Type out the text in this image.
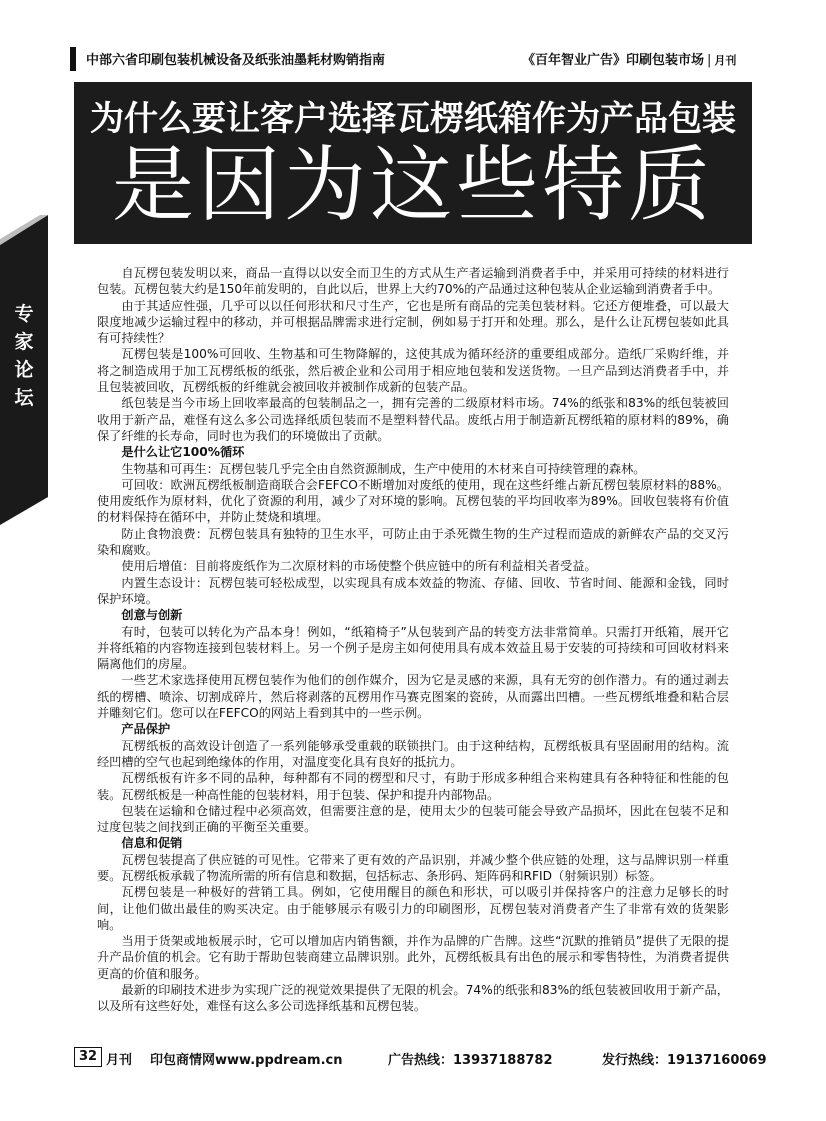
中部六省印刷包装机械设备及纸张油墨耗材购销指南	《百年智业广告》印刷包装市场 | 月刊
为什么要让客户选择瓦楞纸箱作为产品包装
是因为这些特质
专
家
论
坛

自瓦楞包装发明以来，商品一直得以以安全而卫生的方式从生产者运输到消费者手中，并采用可持续的材料进行包装。瓦楞包装大约是150年前发明的，自此以后，世界上大约70%的产品通过这种包装从企业运输到消费者手中。

由于其适应性强，几乎可以以任何形状和尺寸生产，它也是所有商品的完美包装材料。它还方便堆叠，可以最大限度地减少运输过程中的移动，并可根据品牌需求进行定制，例如易于打开和处理。那么，是什么让瓦楞包装如此具有可持续性？

瓦楞包装是100%可回收、生物基和可生物降解的，这使其成为循环经济的重要组成部分。造纸厂采购纤维，并将之制造成用于加工瓦楞纸板的纸张，然后被企业和公司用于相应地包装和发送货物。一旦产品到达消费者手中，并且包装被回收，瓦楞纸板的纤维就会被回收并被制作成新的包装产品。

纸包装是当今市场上回收率最高的包装制品之一，拥有完善的二级原材料市场。74%的纸张和83%的纸包装被回收用于新产品，难怪有这么多公司选择纸质包装而不是塑料替代品。废纸占用于制造新瓦楞纸箱的原材料的89%，确保了纤维的长寿命，同时也为我们的环境做出了贡献。

是什么让它100%循环

生物基和可再生：瓦楞包装几乎完全由自然资源制成，生产中使用的木材来自可持续管理的森林。

可回收：欧洲瓦楞纸板制造商联合会FEFCO不断增加对废纸的使用，现在这些纤维占新瓦楞包装原材料的88%。使用废纸作为原材料，优化了资源的利用，减少了对环境的影响。瓦楞包装的平均回收率为89%。回收包装将有价值的材料保持在循环中，并防止焚烧和填埋。

防止食物浪费：瓦楞包装具有独特的卫生水平，可防止由于杀死微生物的生产过程而造成的新鲜农产品的交叉污染和腐败。

使用后增值：目前将废纸作为二次原材料的市场使整个供应链中的所有利益相关者受益。

内置生态设计：瓦楞包装可轻松成型，以实现具有成本效益的物流、存储、回收、节省时间、能源和金钱，同时保护环境。

创意与创新

有时，包装可以转化为产品本身！例如，“纸箱椅子”从包装到产品的转变方法非常简单。只需打开纸箱，展开它并将纸箱的内容物连接到包装材料上。另一个例子是房主如何使用具有成本效益且易于安装的可持续和可回收材料来隔离他们的房屋。

一些艺术家选择使用瓦楞包装作为他们的创作媒介，因为它是灵感的来源，具有无穷的创作潜力。有的通过剥去纸的楞槽、喷涂、切割成碎片，然后将剥落的瓦楞用作马赛克图案的瓷砖，从而露出凹槽。一些瓦楞纸堆叠和粘合层并雕刻它们。您可以在FEFCO的网站上看到其中的一些示例。

产品保护

瓦楞纸板的高效设计创造了一系列能够承受重载的联锁拱门。由于这种结构，瓦楞纸板具有坚固耐用的结构。流经凹槽的空气也起到绝缘体的作用，对温度变化具有良好的抵抗力。

瓦楞纸板有许多不同的品种，每种都有不同的楞型和尺寸，有助于形成多种组合来构建具有各种特征和性能的包装。瓦楞纸板是一种高性能的包装材料，用于包装、保护和提升内部物品。

包装在运输和仓储过程中必须高效，但需要注意的是，使用太少的包装可能会导致产品损坏，因此在包装不足和过度包装之间找到正确的平衡至关重要。

信息和促销

瓦楞包装提高了供应链的可见性。它带来了更有效的产品识别，并减少整个供应链的处理，这与品牌识别一样重要。瓦楞纸板承载了物流所需的所有信息和数据，包括标志、条形码、矩阵码和RFID（射频识别）标签。

瓦楞包装是一种极好的营销工具。例如，它使用醒目的颜色和形状，可以吸引并保持客户的注意力足够长的时间，让他们做出最佳的购买决定。由于能够展示有吸引力的印刷图形，瓦楞包装对消费者产生了非常有效的货架影响。

当用于货架或地板展示时，它可以增加店内销售额，并作为品牌的广告牌。这些“沉默的推销员”提供了无限的提升产品价值的机会。它有助于帮助包装商建立品牌识别。此外，瓦楞纸板具有出色的展示和零售特性，为消费者提供更高的价值和服务。

最新的印刷技术进步为实现广泛的视觉效果提供了无限的机会。74%的纸张和83%的纸包装被回收用于新产品，以及所有这些好处，难怪有这么多公司选择纸基和瓦楞包装。

32 月刊 印包商情网www.ppdream.cn	广告热线：13937188782	发行热线：19137160069
